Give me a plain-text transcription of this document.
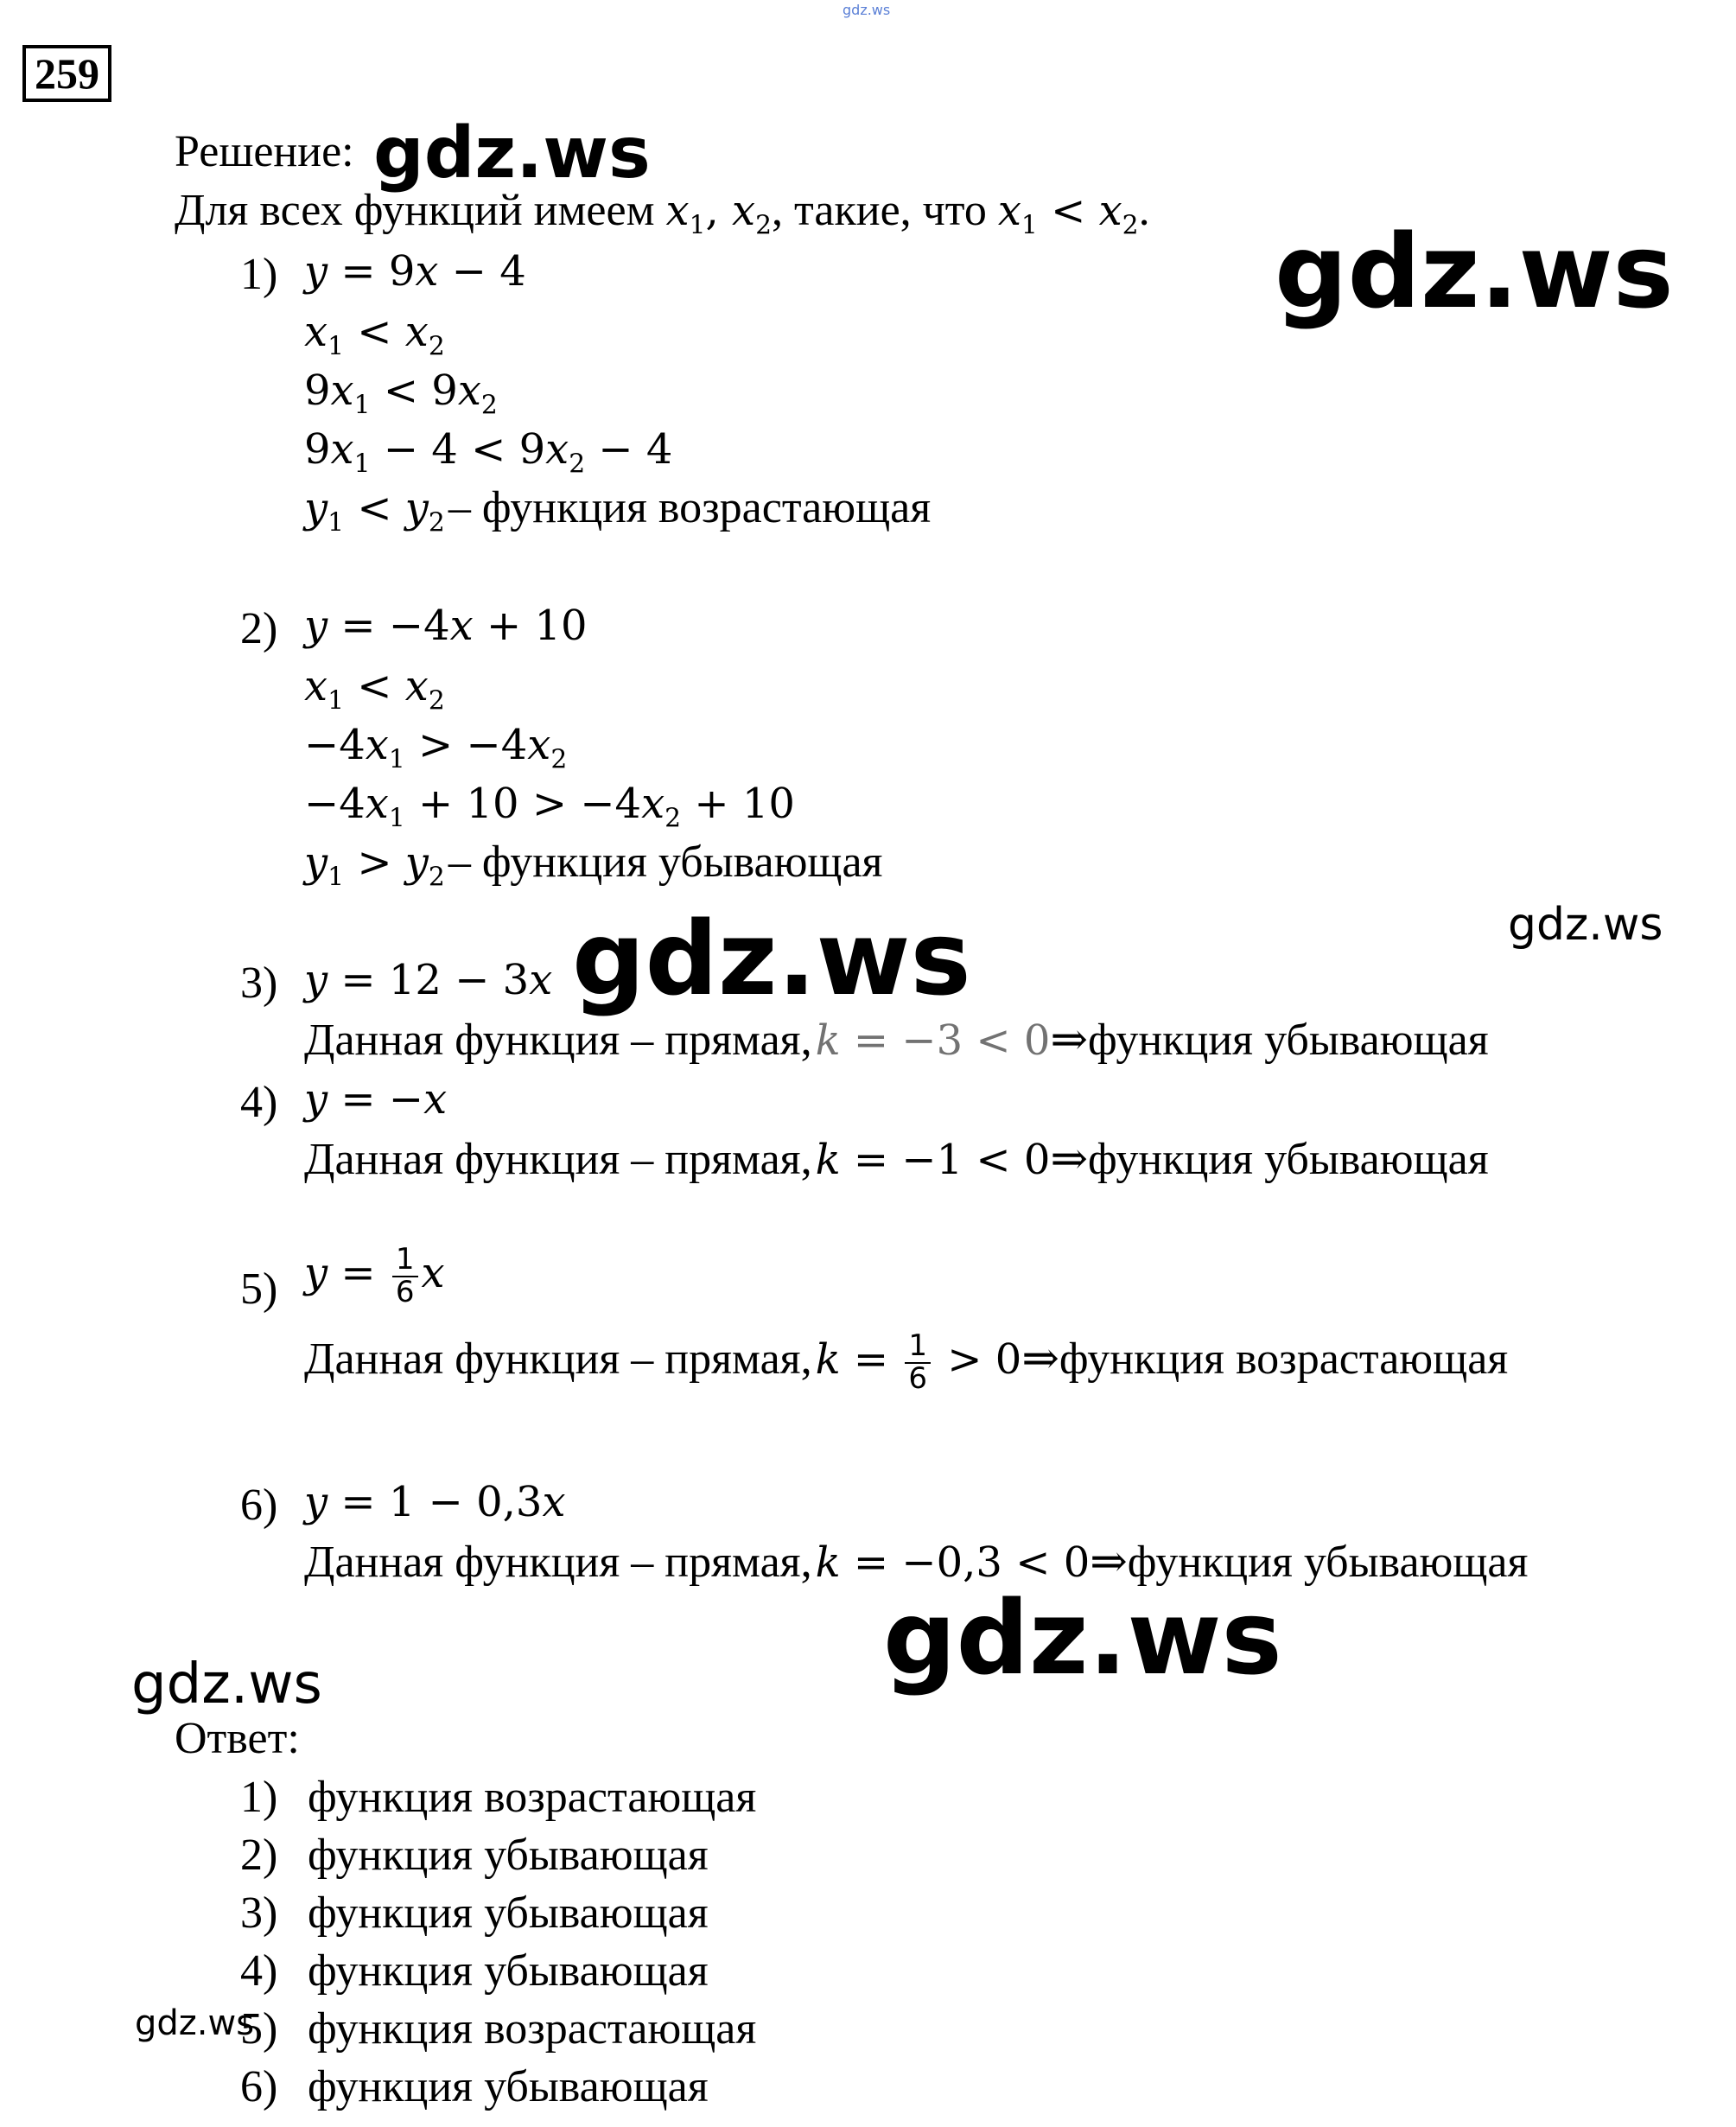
gdz.ws
259
Решение: gdz.ws
Для всех функций имеем $x_1$, $x_2$, такие, что $x_1 < x_2$.
gdz.ws
1) y = 9x − 4
$x_1 < x_2$
$9x_1 < 9x_2$
$9x_1 - 4 < 9x_2 - 4$
$y_1 < y_2$ – функция возрастающая
2) y = −4x + 10
$x_1 < x_2$
$-4x_1 > -4x_2$
$-4x_1 + 10 > -4x_2 + 10$
$y_1 > y_2$ – функция убывающая
gdz.ws
3) y = 12 − 3x gdz.ws
Данная функция – прямая, k = −3 < 0⇒функция убывающая
4) y = −x
Данная функция – прямая, k = −1 < 0⇒функция убывающая
5) $y = \frac{1}{6}$ x
Данная функция – прямая, $k = \frac{1}{6}$ > 0⇒функция возрастающая
6) y = 1 − 0,3x
Данная функция – прямая, k = −0,3 < 0⇒функция убывающая
gdz.ws
gdz.ws
Ответ:
1) функция возрастающая
2) функция убывающая
3) функция убывающая
4) функция убывающая
5) функция возрастающая
6) функция убывающая
gdz.ws
